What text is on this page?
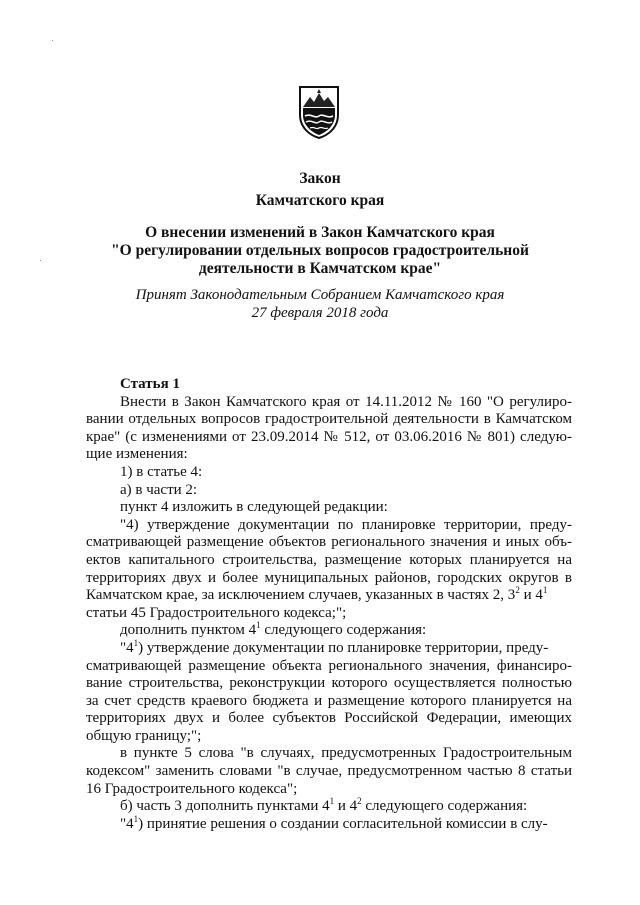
Закон
Камчатского края
О внесении изменений в Закон Камчатского края
"О регулировании отдельных вопросов градостроительной
деятельности в Камчатском крае"
Принят Законодательным Собранием Камчатского края
27 февраля 2018 года
Статья 1
Внести в Закон Камчатского края от 14.11.2012 № 160 "О регулиро-
вании отдельных вопросов градостроительной деятельности в Камчатском
крае" (с изменениями от 23.09.2014 № 512, от 03.06.2016 № 801) следую-
щие изменения:
1) в статье 4:
а) в части 2:
пункт 4 изложить в следующей редакции:
"4) утверждение документации по планировке территории, преду-
сматривающей размещение объектов регионального значения и иных объ-
ектов капитального строительства, размещение которых планируется на
территориях двух и более муниципальных районов, городских округов в
Камчатском крае, за исключением случаев, указанных в частях 2, $3^2$ и $4^1$
статьи 45 Градостроительного кодекса;";
дополнить пунктом $4^1$ следующего содержания:
"$4^1$) утверждение документации по планировке территории, преду-
сматривающей размещение объекта регионального значения, финансиро-
вание строительства, реконструкции которого осуществляется полностью
за счет средств краевого бюджета и размещение которого планируется на
территориях двух и более субъектов Российской Федерации, имеющих
общую границу;";
в пункте 5 слова "в случаях, предусмотренных Градостроительным
кодексом" заменить словами "в случае, предусмотренном частью 8 статьи
16 Градостроительного кодекса";
б) часть 3 дополнить пунктами $4^1$ и $4^2$ следующего содержания:
"$4^1$) принятие решения о создании согласительной комиссии в слу-
